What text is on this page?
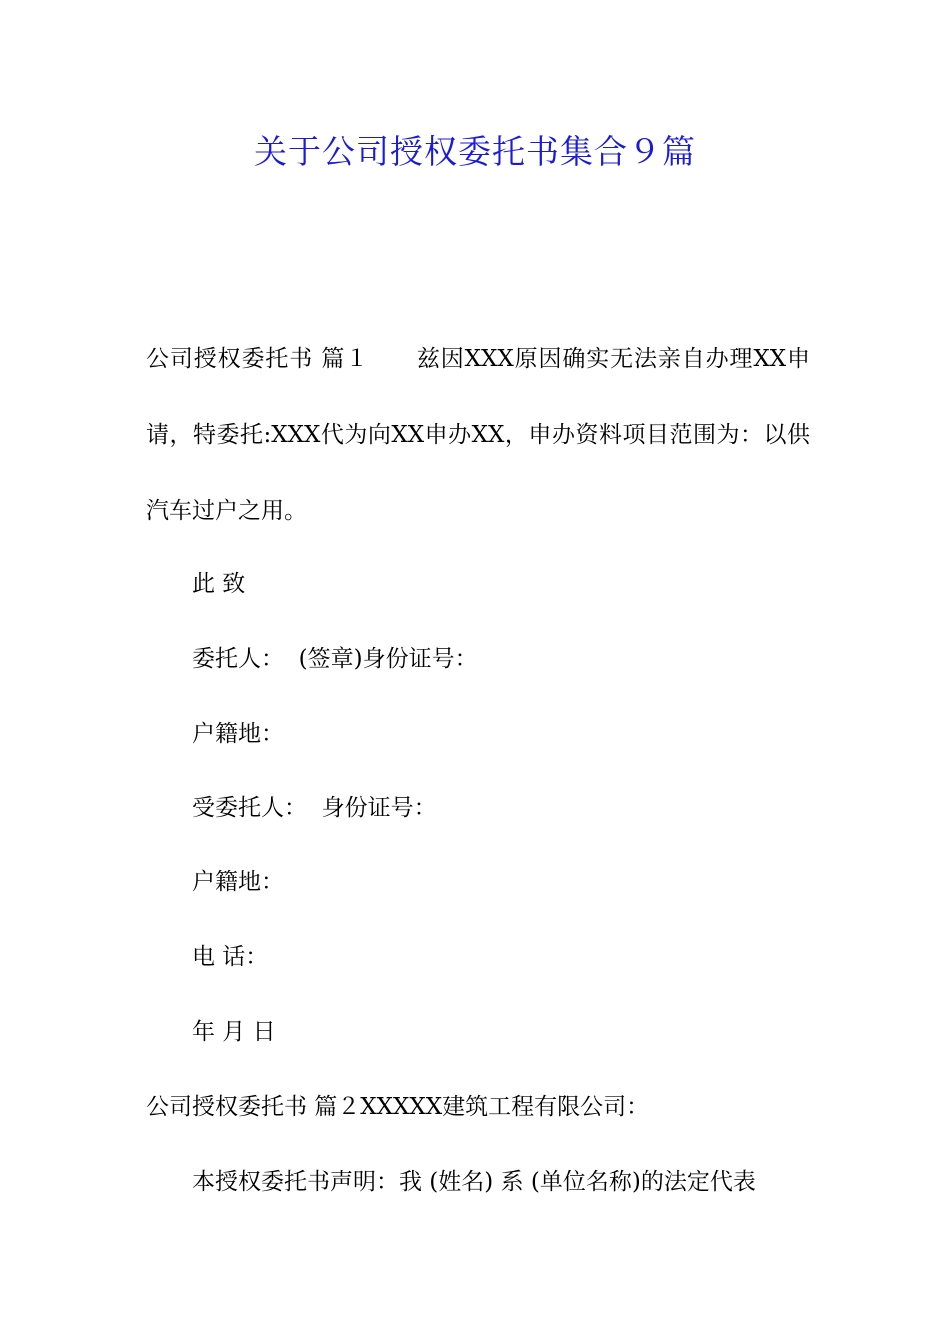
关于公司授权委托书集合９篇
公司授权委托书 篇１　　兹因XXX原因确实无法亲自办理XX申请，特委托:XXX代为向XX申办XX，申办资料项目范围为：以供汽车过户之用。
此 致
委托人：  (签章)身份证号：
户籍地：
受委托人：  身份证号：
户籍地：
电 话：
年 月 日
公司授权委托书 篇２XXXXX建筑工程有限公司：
本授权委托书声明：我 (姓名) 系 (单位名称)的法定代表
